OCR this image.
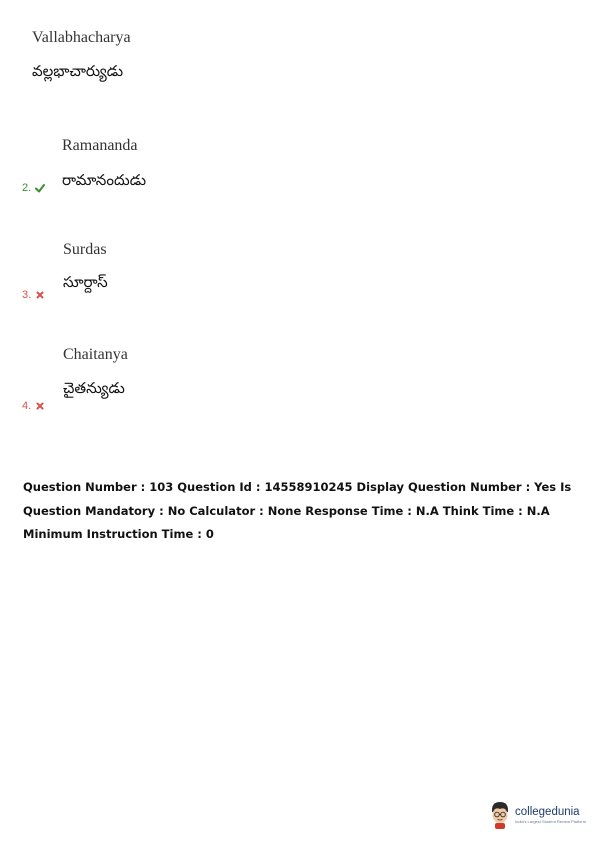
Vallabhacharya
వల్లభాచార్యుడు
Ramananda
రామానందుడు
2.
Surdas
సూర్దాస్
3.
Chaitanya
చైతన్యుడు
4.
Question Number : 103 Question Id : 14558910245 Display Question Number : Yes Is Question Mandatory : No Calculator : None Response Time : N.A Think Time : N.A Minimum Instruction Time : 0
collegedunia
India's Largest Student Review Platform
